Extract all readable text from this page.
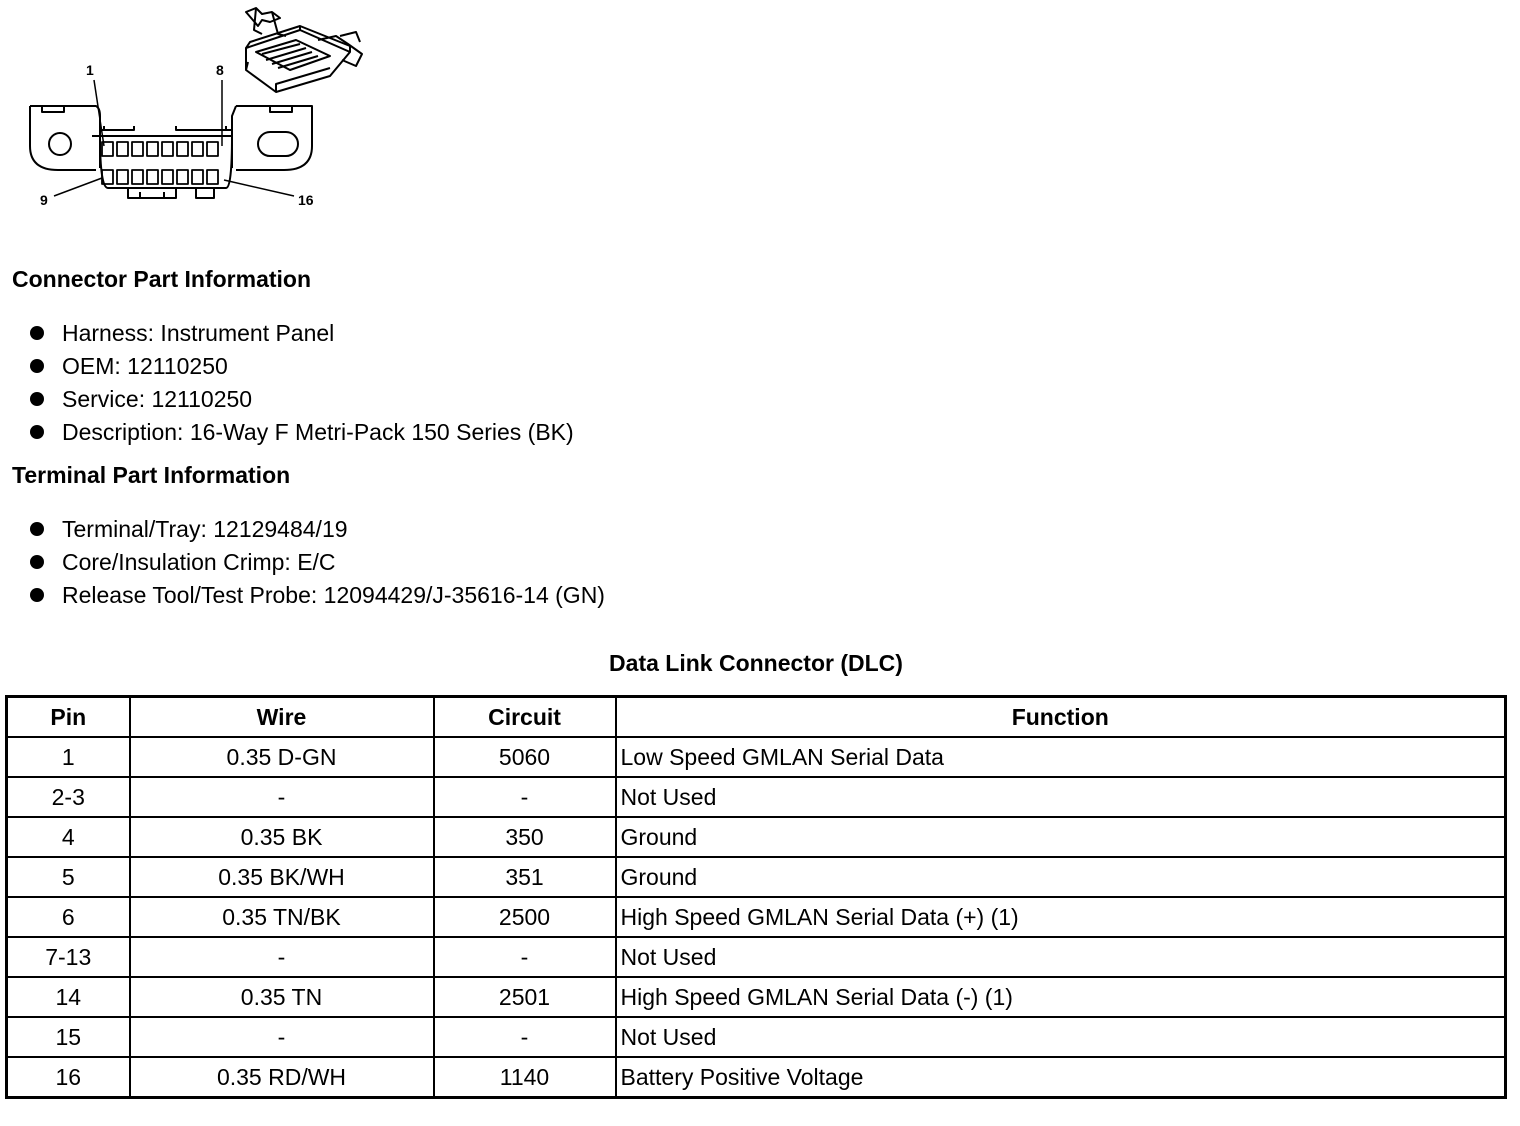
1	8
9	16
Connector Part Information
Harness: Instrument Panel
OEM: 12110250
Service: 12110250
Description: 16-Way F Metri-Pack 150 Series (BK)
Terminal Part Information
Terminal/Tray: 12129484/19
Core/Insulation Crimp: E/C
Release Tool/Test Probe: 12094429/J-35616-14 (GN)
Data Link Connector (DLC)
Pin	Wire	Circuit	Function
1	0.35 D-GN	5060	Low Speed GMLAN Serial Data
2-3	-	-	Not Used
4	0.35 BK	350	Ground
5	0.35 BK/WH	351	Ground
6	0.35 TN/BK	2500	High Speed GMLAN Serial Data (+) (1)
7-13	-	-	Not Used
14	0.35 TN	2501	High Speed GMLAN Serial Data (-) (1)
15	-	-	Not Used
16	0.35 RD/WH	1140	Battery Positive Voltage
